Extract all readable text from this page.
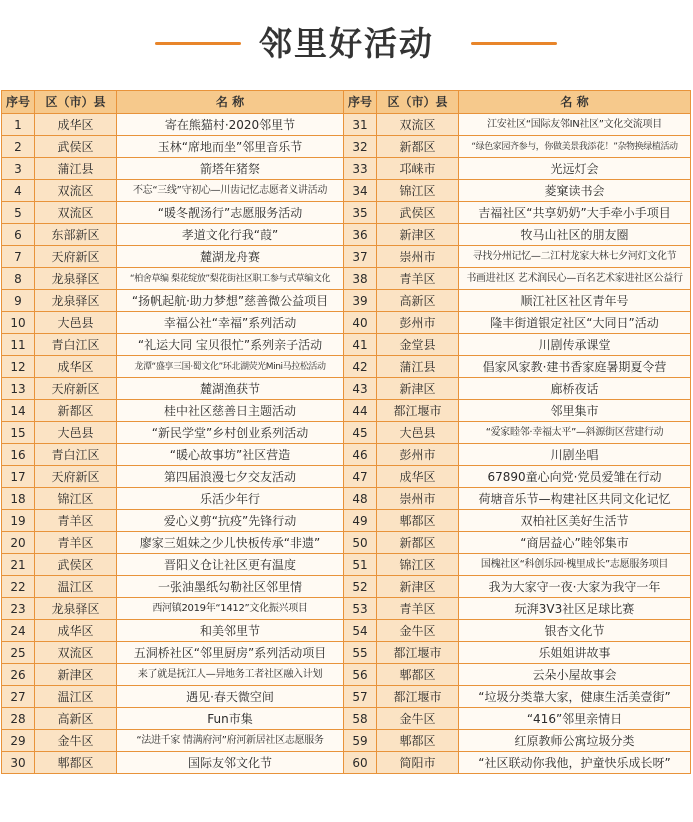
邻里好活动
序号	区（市）县	名 称	序号	区（市）县	名 称
1	成华区	寄在熊猫村·2020邻里节	31	双流区	江安社区“国际友邻IN社区”文化交流项目
2	武侯区	玉林“席地而坐”邻里音乐节	32	新都区	“绿色家园齐参与，你做美景我添花！”杂物换绿植活动
3	蒲江县	箭塔年猪祭	33	邛崃市	光远灯会
4	双流区	不忘“三线”守初心—川齿记忆志愿者义讲活动	34	锦江区	菱窠读书会
5	双流区	“暖冬靓汤行”志愿服务活动	35	武侯区	吉福社区“共享奶奶”大手牵小手项目
6	东部新区	孝道文化行我“葭”	36	新津区	牧马山社区的朋友圈
7	天府新区	麓湖龙舟赛	37	崇州市	寻找分州记忆—二江村龙家大林七夕河灯文化节
8	龙泉驿区	“柏舍草编 梨花绽放”梨花街社区职工参与式草编文化	38	青羊区	书画进社区 艺术润民心—百名艺术家进社区公益行
9	龙泉驿区	“扬帆起航·助力梦想”慈善微公益项目	39	高新区	顺江社区社区青年号
10	大邑县	幸福公社“幸福”系列活动	40	彭州市	隆丰街道银定社区“大同日”活动
11	青白江区	“礼运大同 宝贝很忙”系列亲子活动	41	金堂县	川剧传承课堂
12	成华区	龙潭“盛享三国·蜀文化”环北湖荧光Mini马拉松活动	42	蒲江县	倡家风家教·建书香家庭暑期夏令营
13	天府新区	麓湖渔获节	43	新津区	廊桥夜话
14	新都区	桂中社区慈善日主题活动	44	都江堰市	邻里集市
15	大邑县	“新民学堂”乡村创业系列活动	45	大邑县	“爱家睦邻·幸福太平”—斜源街区营建行动
16	青白江区	“暖心故事坊”社区营造	46	彭州市	川剧坐唱
17	天府新区	第四届浪漫七夕交友活动	47	成华区	67890童心向党·党员爱雏在行动
18	锦江区	乐活少年行	48	崇州市	荷塘音乐节—构建社区共同文化记忆
19	青羊区	爱心义剪“抗疫”先锋行动	49	郫都区	双柏社区美好生活节
20	青羊区	廖家三姐妹之少儿快板传承“非遗”	50	新都区	“商居益心”睦邻集市
21	武侯区	晋阳义仓让社区更有温度	51	锦江区	国槐社区“科创乐园·槐里成长”志愿服务项目
22	温江区	一张油墨纸勾勒社区邻里情	52	新津区	我为大家守一夜·大家为我守一年
23	龙泉驿区	西河镇2019年“1412”文化振兴项目	53	青羊区	玩湃3V3社区足球比赛
24	成华区	和美邻里节	54	金牛区	银杏文化节
25	双流区	五洞桥社区“邻里厨房”系列活动项目	55	都江堰市	乐姐姐讲故事
26	新津区	来了就是抚江人—异地务工者社区融入计划	56	郫都区	云朵小屋故事会
27	温江区	遇见·春天微空间	57	都江堰市	“垃圾分类靠大家，健康生活美壹街”
28	高新区	Fun市集	58	金牛区	“416”邻里亲情日
29	金牛区	“法进千家 情满府河”府河新居社区志愿服务	59	郫都区	红原教师公寓垃圾分类
30	郫都区	国际友邻文化节	60	简阳市	“社区联动你我他，护童快乐成长呀”
